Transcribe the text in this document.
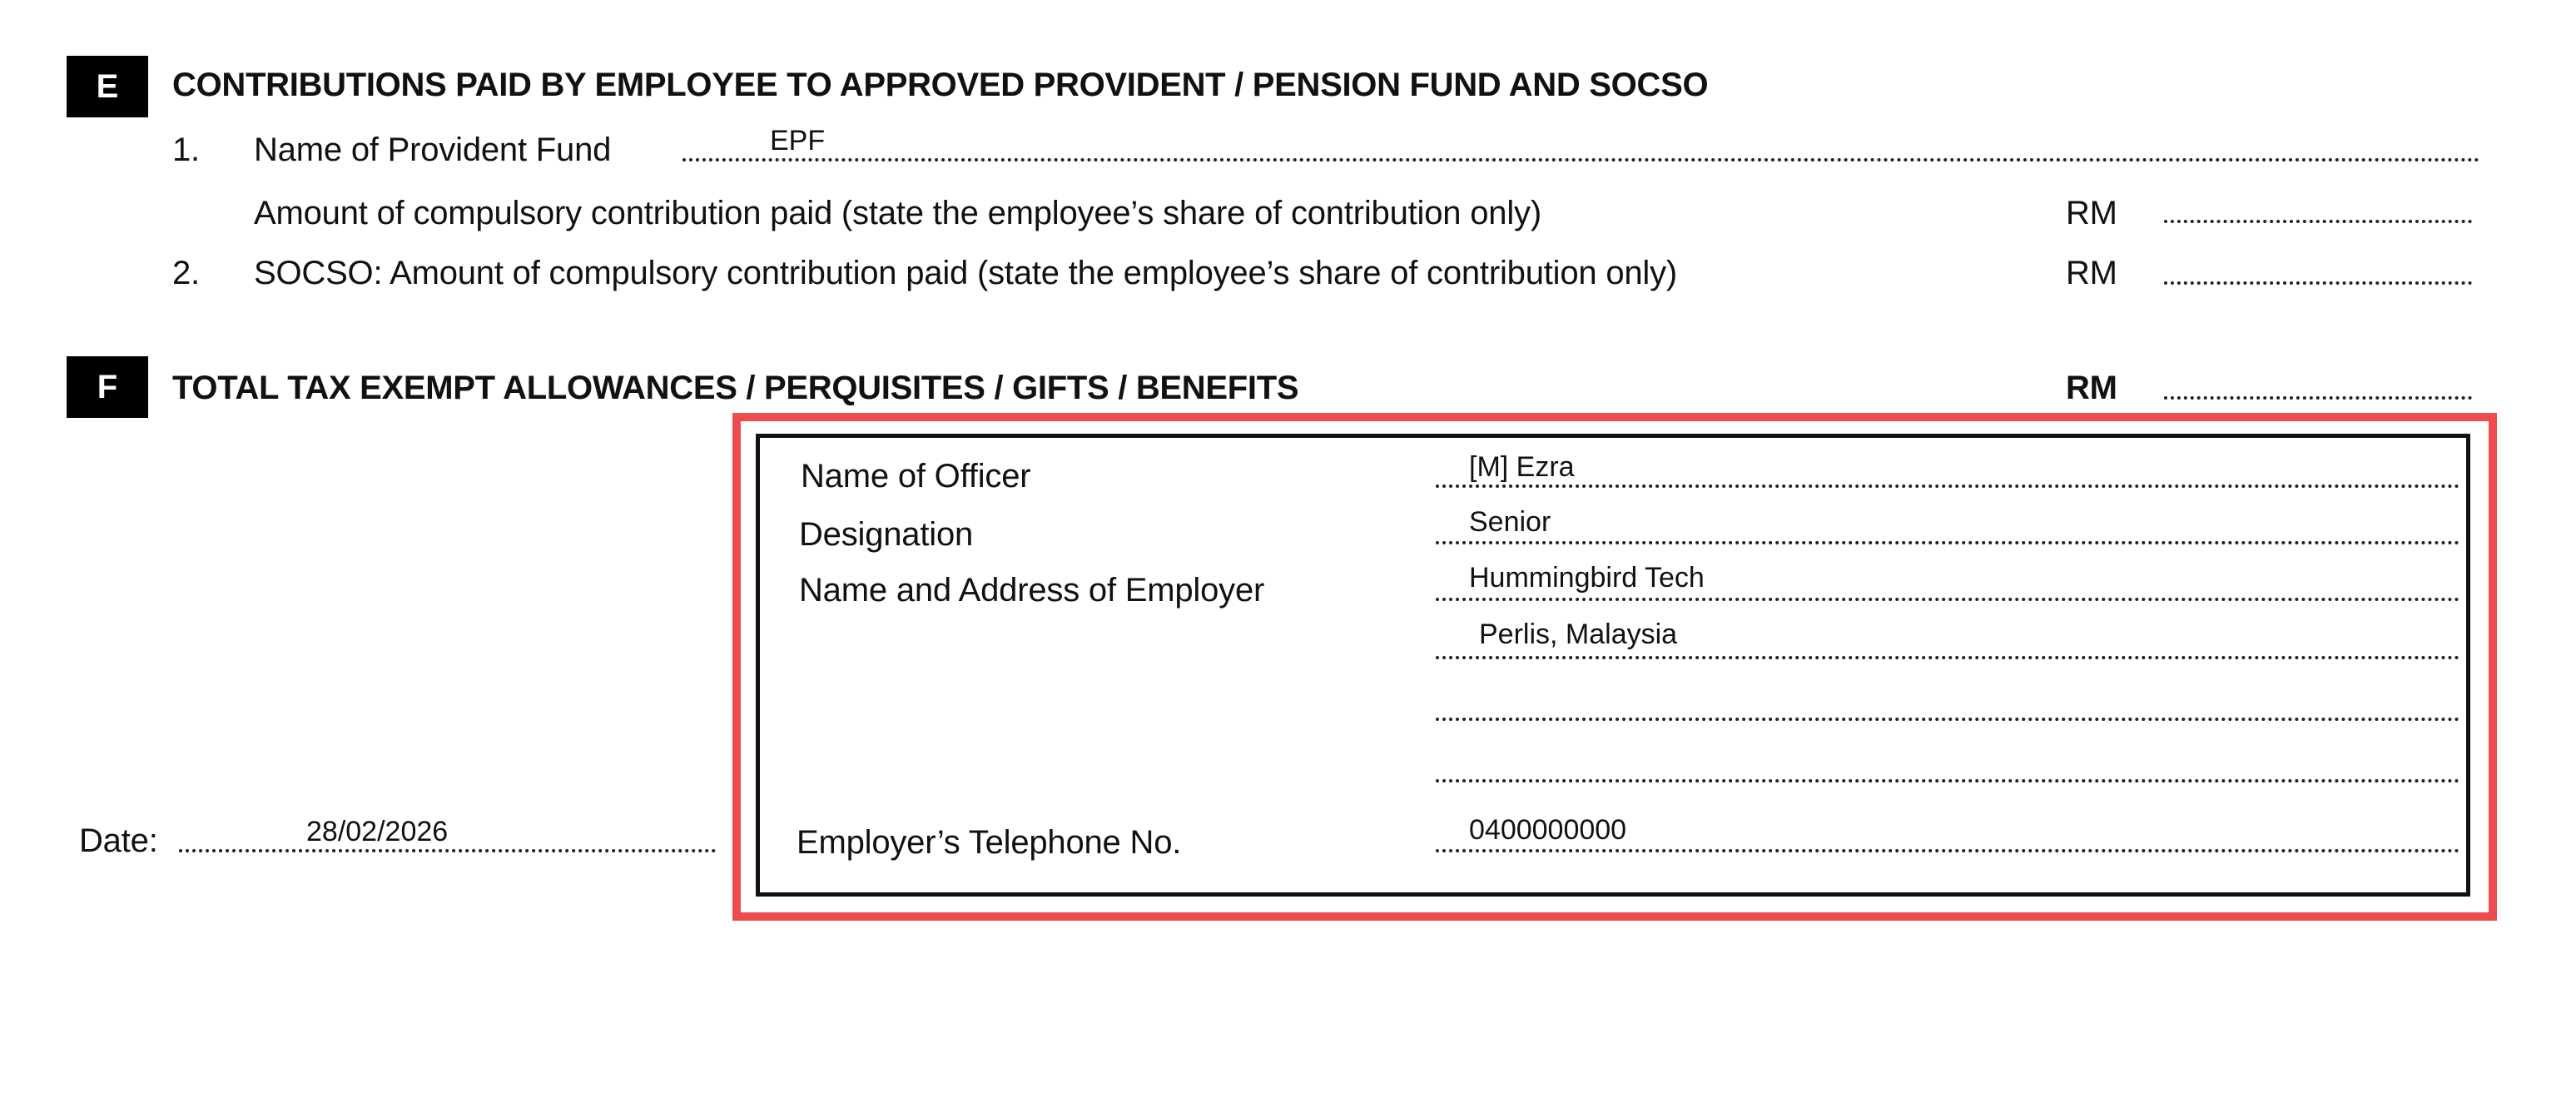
E	CONTRIBUTIONS PAID BY EMPLOYEE TO APPROVED PROVIDENT / PENSION FUND AND SOCSO
1. Name of Provident Fund	EPF
Amount of compulsory contribution paid (state the employee’s share of contribution only)	RM
2. SOCSO: Amount of compulsory contribution paid (state the employee’s share of contribution only)	RM
F	TOTAL TAX EXEMPT ALLOWANCES / PERQUISITES / GIFTS / BENEFITS	RM
Date:	28/02/2026
Name of Officer	[M] Ezra
Designation	Senior
Name and Address of Employer	Hummingbird Tech
Perlis, Malaysia
Employer’s Telephone No.	0400000000
